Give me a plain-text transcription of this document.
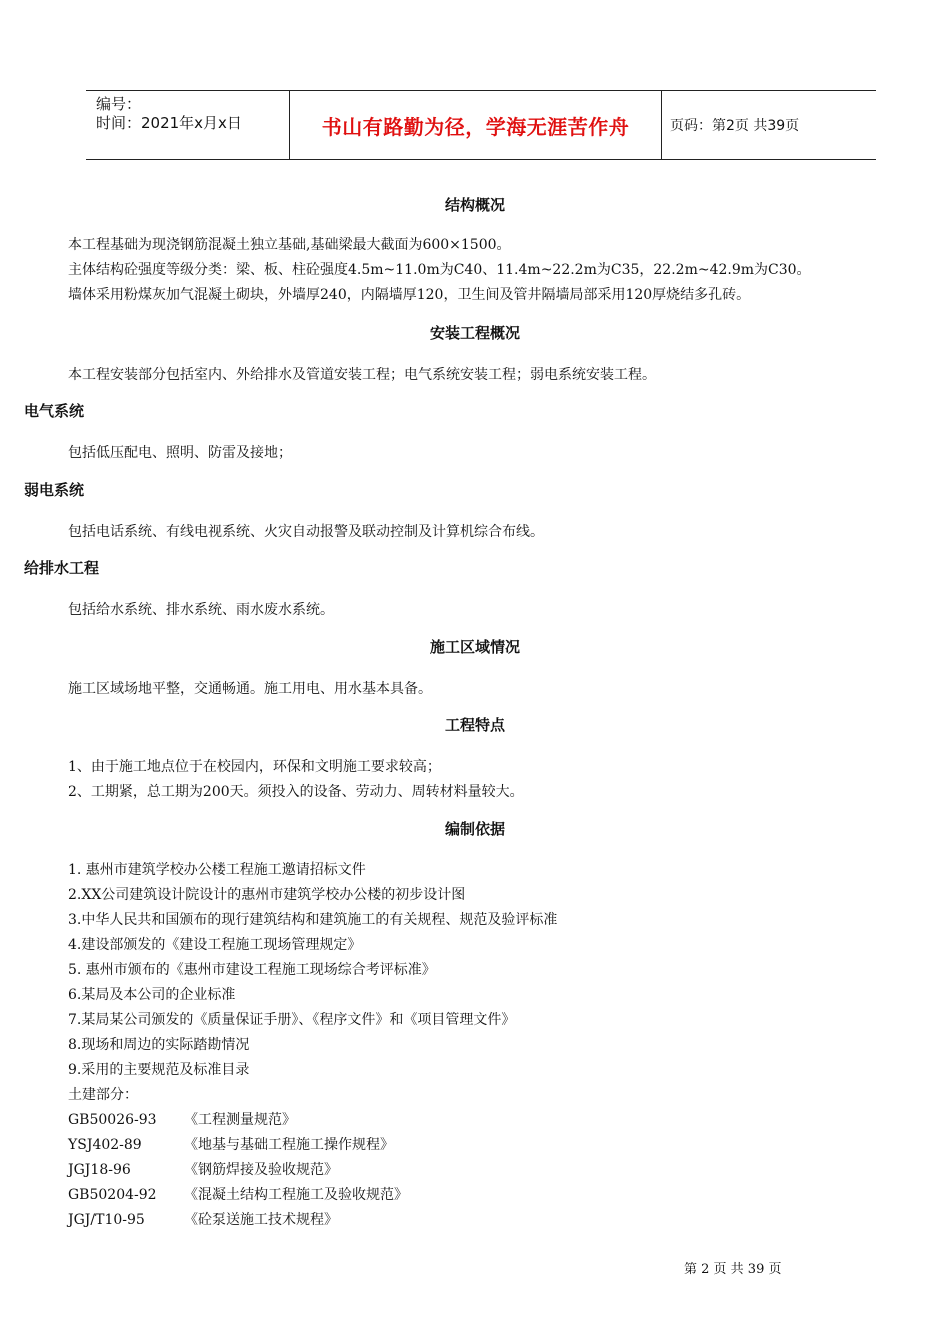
编号：
时间：2021年x月x日	书山有路勤为径，学海无涯苦作舟	页码：第2页 共39页
结构概况
本工程基础为现浇钢筋混凝土独立基础,基础梁最大截面为600×1500。
主体结构砼强度等级分类：梁、板、柱砼强度4.5m~11.0m为C40、11.4m~22.2m为C35，22.2m~42.9m为C30。
墙体采用粉煤灰加气混凝土砌块，外墙厚240，内隔墙厚120，卫生间及管井隔墙局部采用120厚烧结多孔砖。
安装工程概况
本工程安装部分包括室内、外给排水及管道安装工程；电气系统安装工程；弱电系统安装工程。
电气系统
包括低压配电、照明、防雷及接地；
弱电系统
包括电话系统、有线电视系统、火灾自动报警及联动控制及计算机综合布线。
给排水工程
包括给水系统、排水系统、雨水废水系统。
施工区域情况
施工区域场地平整，交通畅通。施工用电、用水基本具备。
工程特点
1、由于施工地点位于在校园内，环保和文明施工要求较高；
2、工期紧，总工期为200天。须投入的设备、劳动力、周转材料量较大。
编制依据
1. 惠州市建筑学校办公楼工程施工邀请招标文件
2.XX公司建筑设计院设计的惠州市建筑学校办公楼的初步设计图
3.中华人民共和国颁布的现行建筑结构和建筑施工的有关规程、规范及验评标准
4.建设部颁发的《建设工程施工现场管理规定》
5. 惠州市颁布的《惠州市建设工程施工现场综合考评标准》
6.某局及本公司的企业标准
7.某局某公司颁发的《质量保证手册》、《程序文件》和《项目管理文件》
8.现场和周边的实际踏勘情况
9.采用的主要规范及标准目录
土建部分：
GB50026-93	《工程测量规范》
YSJ402-89	《地基与基础工程施工操作规程》
JGJ18-96	《钢筋焊接及验收规范》
GB50204-92	《混凝土结构工程施工及验收规范》
JGJ/T10-95	《砼泵送施工技术规程》
第 2 页 共 39 页
